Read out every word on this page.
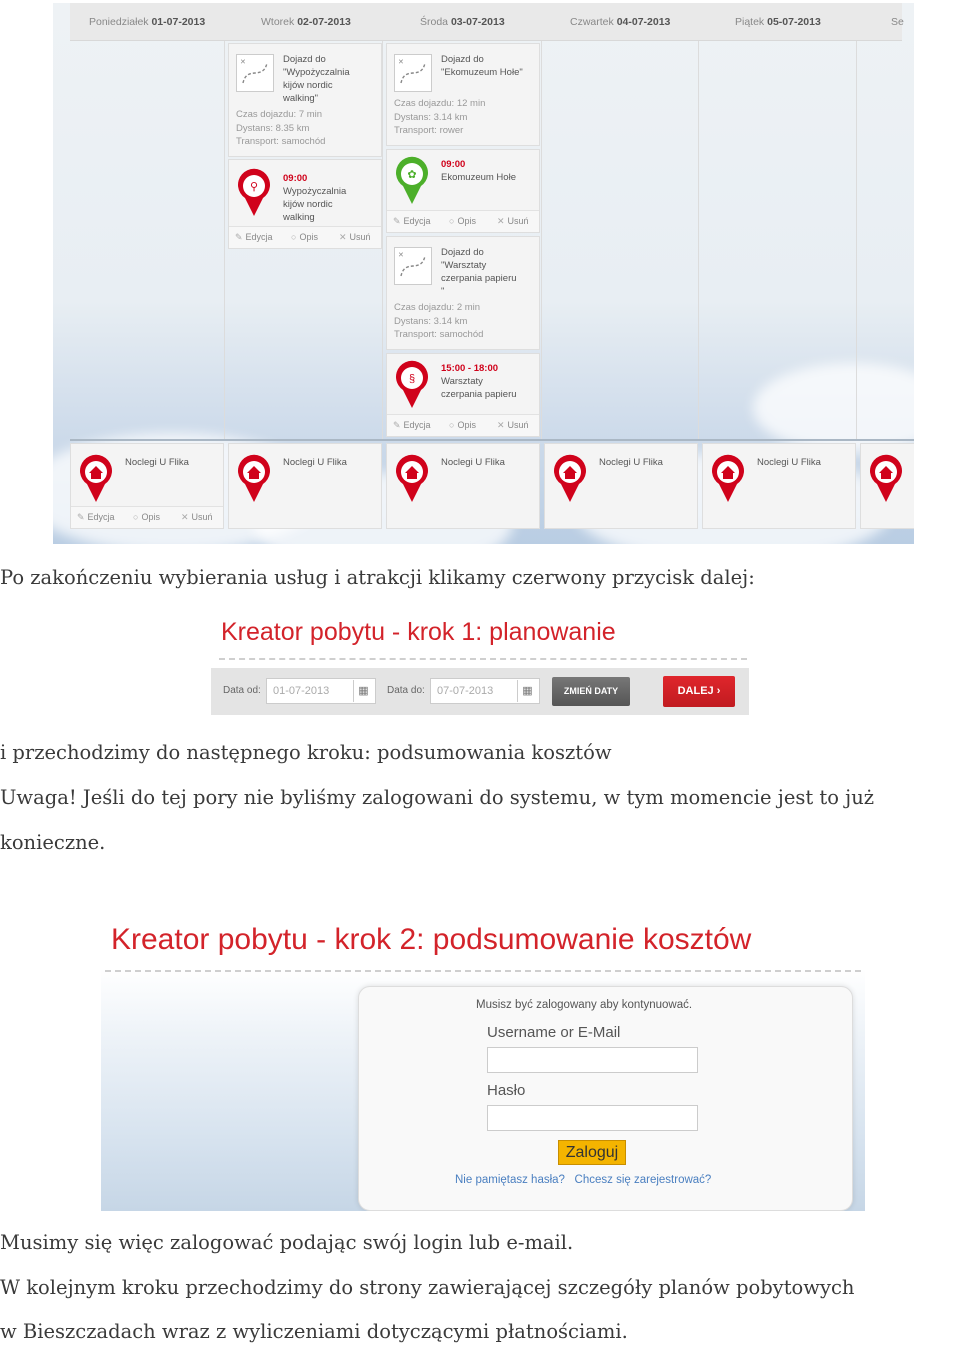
Poniedziałek 01-07-2013	Wtorek 02-07-2013	Środa 03-07-2013	Czwartek 04-07-2013	Piątek 05-07-2013	Se
✕	Dojazd do
"Wypożyczalnia
kijów nordic
walking"
Czas dojazdu: 7 min
Dystans: 8.35 km
Transport: samochód
⚲
09:00
Wypożyczalnia
kijów nordic
walking
✎ Edycja ○ Opis ✕ Usuń
✕	Dojazd do
"Ekomuzeum Hołe"
Czas dojazdu: 12 min
Dystans: 3.14 km
Transport: rower
✿
09:00
Ekomuzeum Hołe
✎ Edycja ○ Opis ✕ Usuń
✕	Dojazd do
"Warsztaty
czerpania papieru
"
Czas dojazdu: 2 min
Dystans: 3.14 km
Transport: samochód
§
15:00 - 18:00
Warsztaty
czerpania papieru
✎ Edycja ○ Opis ✕ Usuń
Noclegi U Flika
✎ Edycja ○ Opis ✕ Usuń
Noclegi U Flika	Noclegi U Flika	Noclegi U Flika	Noclegi U Flika
Po zakończeniu wybierania usług i atrakcji klikamy czerwony przycisk dalej:
Kreator pobytu - krok 1: planowanie
Data od:	01-07-2013	▦	Data do:	07-07-2013	▦	ZMIEŃ DATY	DALEJ ›
i przechodzimy do następnego kroku: podsumowania kosztów
Uwaga! Jeśli do tej pory nie byliśmy zalogowani do systemu, w tym momencie jest to już
konieczne.
Kreator pobytu - krok 2: podsumowanie kosztów
Musisz być zalogowany aby kontynuować.
Username or E-Mail
Hasło
Zaloguj
Nie pamiętasz hasła? Chcesz się zarejestrować?
Musimy się więc zalogować podając swój login lub e-mail.
W kolejnym kroku przechodzimy do strony zawierającej szczegóły planów pobytowych
w Bieszczadach wraz z wyliczeniami dotyczącymi płatnościami.
